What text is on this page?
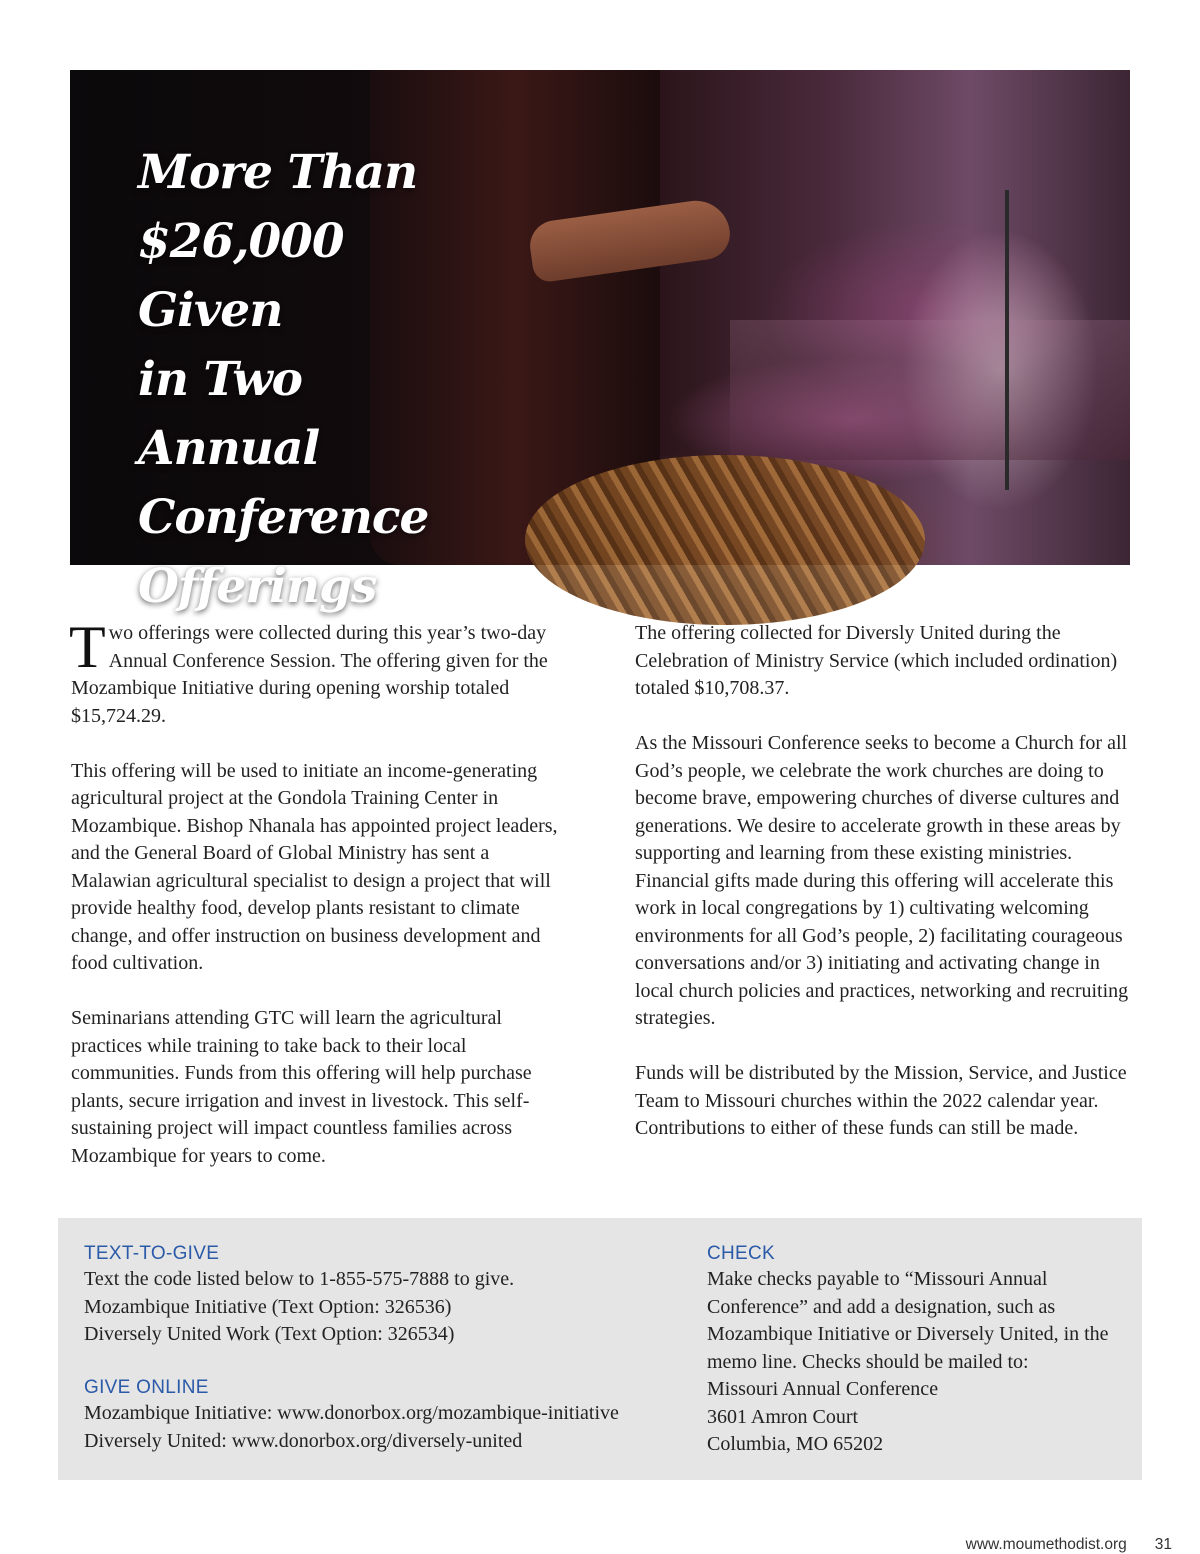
More Than
$26,000 Given
in Two Annual
Conference
Offerings

Two offerings were collected during this year’s two-day Annual Conference Session. The offering given for the Mozambique Initiative during opening worship totaled $15,724.29.

This offering will be used to initiate an income-generating agricultural project at the Gondola Training Center in Mozambique. Bishop Nhanala has appointed project leaders, and the General Board of Global Ministry has sent a Malawian agricultural specialist to design a project that will provide healthy food, develop plants resistant to climate change, and offer instruction on business development and food cultivation.

Seminarians attending GTC will learn the agricultural practices while training to take back to their local communities. Funds from this offering will help purchase plants, secure irrigation and invest in livestock. This self-sustaining project will impact countless families across Mozambique for years to come.

The offering collected for Diversly United during the Celebration of Ministry Service (which included ordination) totaled $10,708.37.

As the Missouri Conference seeks to become a Church for all God’s people, we celebrate the work churches are doing to become brave, empowering churches of diverse cultures and generations. We desire to accelerate growth in these areas by supporting and learning from these existing ministries. Financial gifts made during this offering will accelerate this work in local congregations by 1) cultivating welcoming environments for all God’s people, 2) facilitating courageous conversations and/or 3) initiating and activating change in local church policies and practices, networking and recruiting strategies.

Funds will be distributed by the Mission, Service, and Justice Team to Missouri churches within the 2022 calendar year. Contributions to either of these funds can still be made.

TEXT-TO-GIVE

Text the code listed below to 1-855-575-7888 to give.

Mozambique Initiative (Text Option: 326536)

Diversely United Work (Text Option: 326534)

GIVE ONLINE

Mozambique Initiative: www.donorbox.org/mozambique-initiative

Diversely United: www.donorbox.org/diversely-united

CHECK

Make checks payable to “Missouri Annual Conference” and add a designation, such as Mozambique Initiative or Diversely United, in the memo line. Checks should be mailed to:

Missouri Annual Conference

3601 Amron Court

Columbia, MO 65202

www.moumethodist.org 31
